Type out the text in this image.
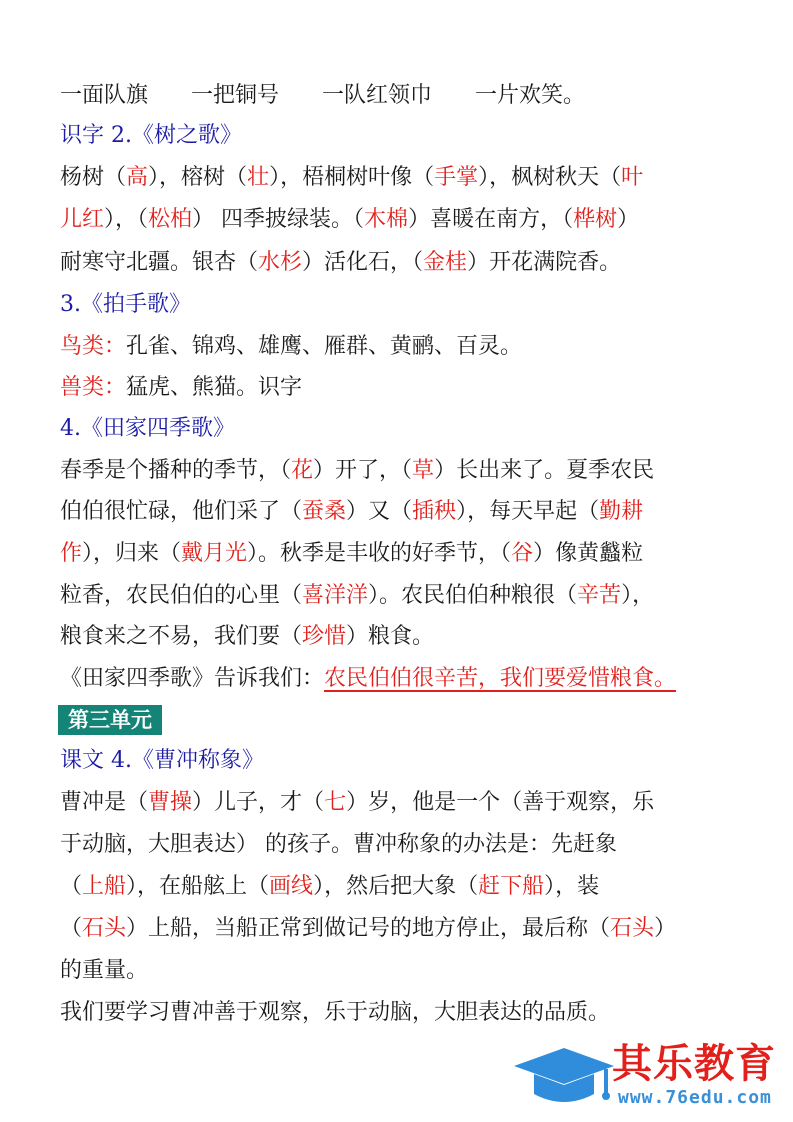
一面队旗 一把铜号 一队红领巾 一片欢笑。
识字 2.《树之歌》
杨树（高），榕树（壮），梧桐树叶像（手掌），枫树秋天（叶
儿红），（松柏） 四季披绿装。（木棉）喜暖在南方，（桦树）
耐寒守北疆。银杏（水杉）活化石，（金桂）开花满院香。
3.《拍手歌》
鸟类：孔雀、锦鸡、雄鹰、雁群、黄鹂、百灵。
兽类：猛虎、熊猫。识字
4.《田家四季歌》
春季是个播种的季节，（花）开了，（草）长出来了。夏季农民
伯伯很忙碌，他们采了（蚕桑）又（插秧），每天早起（勤耕
作），归来（戴月光）。秋季是丰收的好季节，（谷）像黄蠽粒
粒香，农民伯伯的心里（喜洋洋）。农民伯伯种粮很（辛苦），
粮食来之不易，我们要（珍惜）粮食。
《田家四季歌》告诉我们：农民伯伯很辛苦，我们要爱惜粮食。
第三单元
课文 4.《曹冲称象》
曹冲是（曹操）儿子，才（七）岁，他是一个（善于观察，乐
于动脑，大胆表达） 的孩子。曹冲称象的办法是：先赶象
（上船），在船舷上（画线），然后把大象（赶下船），装
（石头）上船，当船正常到做记号的地方停止，最后称（石头）
的重量。
我们要学习曹冲善于观察，乐于动脑，大胆表达的品质。
其乐教育
www.76edu.com
